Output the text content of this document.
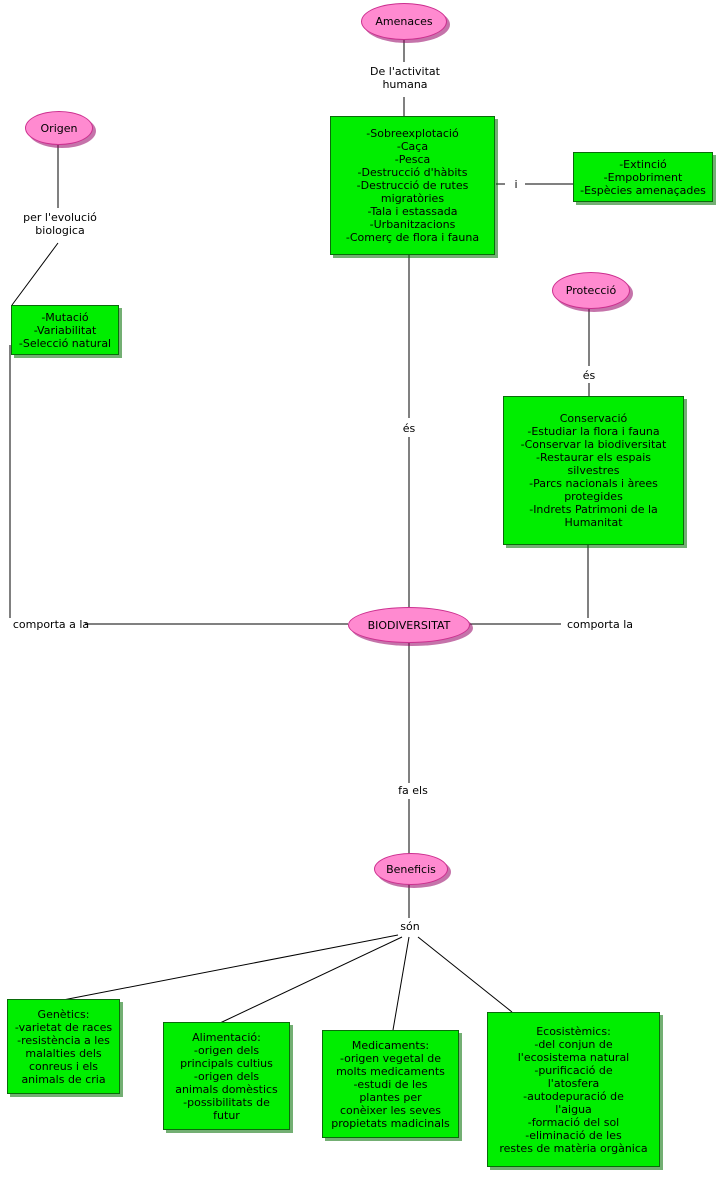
Amenaces
De l'activitat
humana
-Sobreexplotació
-Caça
-Pesca
-Destrucció d'hàbits
-Destrucció de rutes
migratòries
-Tala i estassada
-Urbanitzacions
-Comerç de flora i fauna
i
-Extinció
-Empobriment
-Espècies amenaçades
Origen
per l'evolució
biologica
-Mutació
-Variabilitat
-Selecció natural
Protecció
és
Conservació
-Estudiar la flora i fauna
-Conservar la biodiversitat
-Restaurar els espais
silvestres
-Parcs nacionals i àrees
protegides
-Indrets Patrimoni de la
Humanitat
és
comporta a la	comporta la
BIODIVERSITAT
fa els
Beneficis
són
Genètics:
-varietat de races
-resistència a les
malalties dels
conreus i els
animals de cria
Alimentació:
-origen dels
principals cultius
-origen dels
animals domèstics
-possibilitats de
futur
Medicaments:
-origen vegetal de
molts medicaments
-estudi de les
plantes per
conèixer les seves
propietats madicinals
Ecosistèmics:
-del conjun de
l'ecosistema natural
-purificació de
l'atosfera
-autodepuració de
l'aigua
-formació del sol
-eliminació de les
restes de matèria orgànica
